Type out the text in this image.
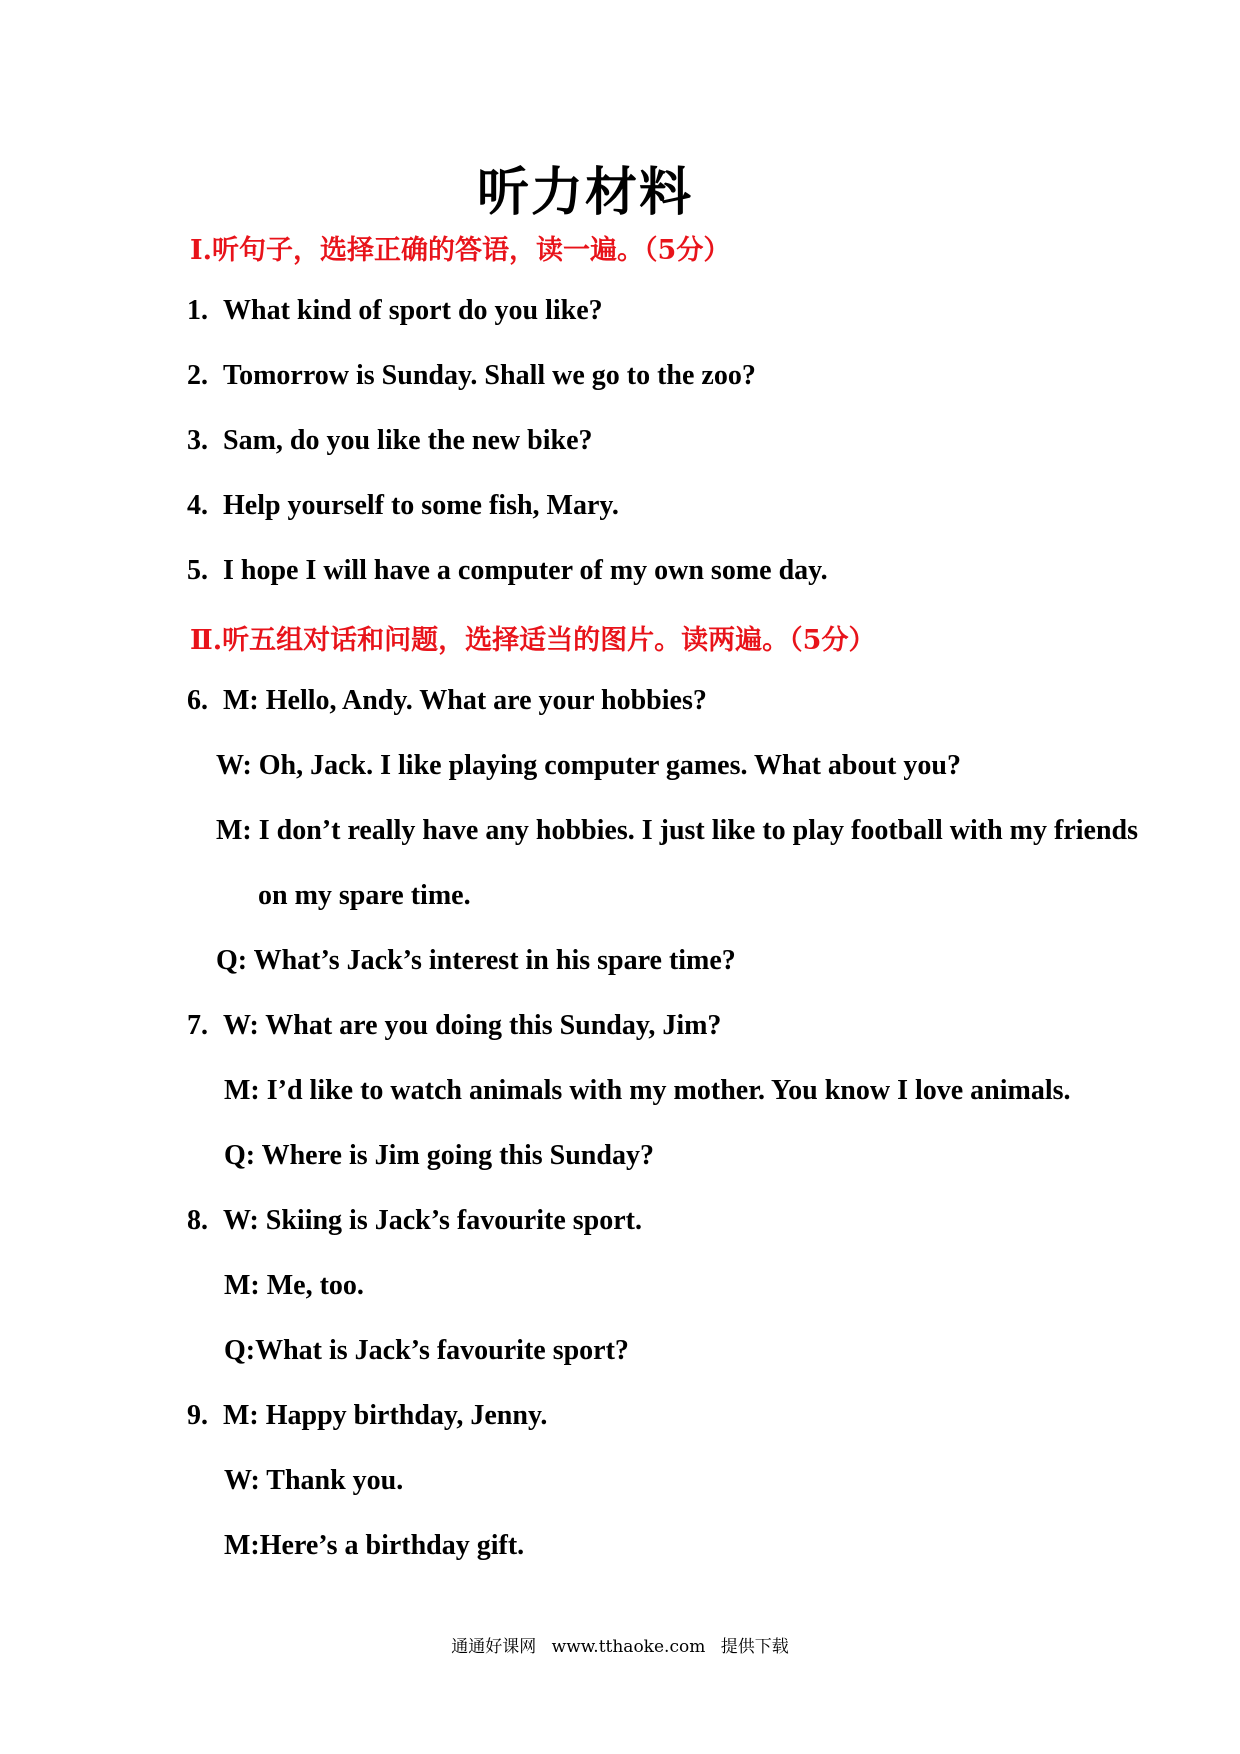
听力材料
Ⅰ.听句子，选择正确的答语，读一遍。（5分）
1. What kind of sport do you like?
2. Tomorrow is Sunday. Shall we go to the zoo?
3. Sam, do you like the new bike?
4. Help yourself to some fish, Mary.
5. I hope I will have a computer of my own some day.
Ⅱ.听五组对话和问题，选择适当的图片。读两遍。（5分）
6. M: Hello, Andy. What are your hobbies?
W: Oh, Jack. I like playing computer games. What about you?
M: I don’t really have any hobbies. I just like to play football with my friends
on my spare time.
Q: What’s Jack’s interest in his spare time?
7. W: What are you doing this Sunday, Jim?
M: I’d like to watch animals with my mother. You know I love animals.
Q: Where is Jim going this Sunday?
8. W: Skiing is Jack’s favourite sport.
M: Me, too.
Q:What is Jack’s favourite sport?
9. M: Happy birthday, Jenny.
W: Thank you.
M:Here’s a birthday gift.
通通好课网 www.tthaoke.com 提供下载
